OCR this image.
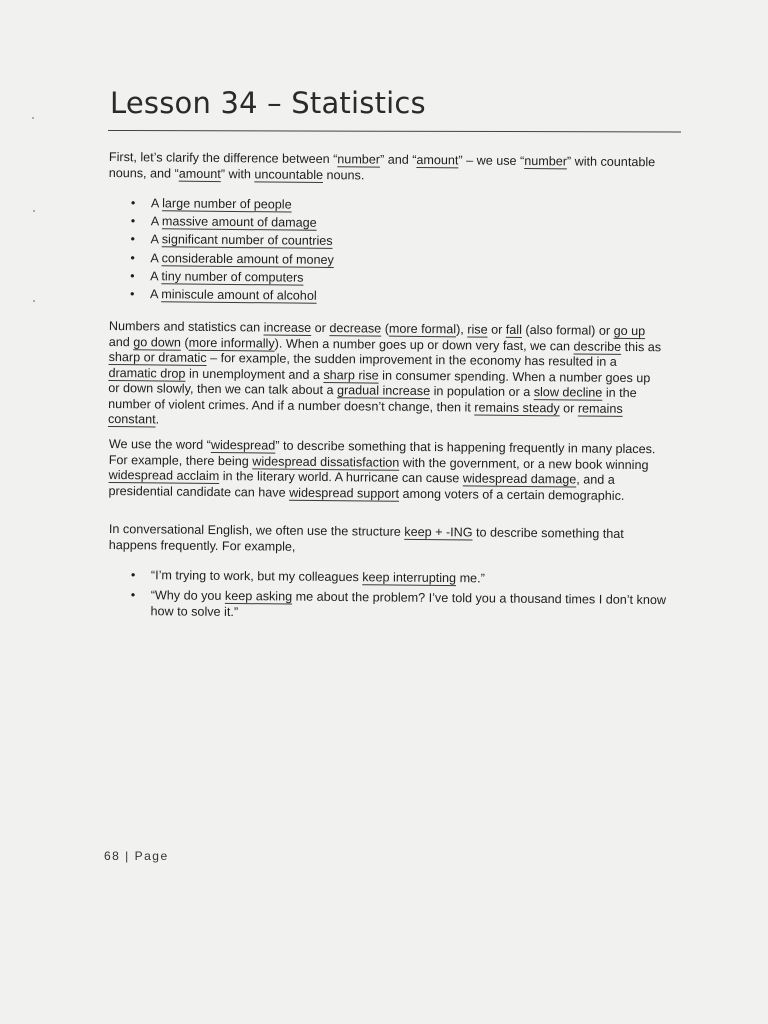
Lesson 34 – Statistics

First, let’s clarify the difference between “number” and “amount” – we use “number” with countable nouns, and “amount” with uncountable nouns.

• A large number of people
• A massive amount of damage
• A significant number of countries
• A considerable amount of money
• A tiny number of computers
• A miniscule amount of alcohol

Numbers and statistics can increase or decrease (more formal), rise or fall (also formal) or go up and go down (more informally). When a number goes up or down very fast, we can describe this as sharp or dramatic – for example, the sudden improvement in the economy has resulted in a dramatic drop in unemployment and a sharp rise in consumer spending. When a number goes up or down slowly, then we can talk about a gradual increase in population or a slow decline in the number of violent crimes. And if a number doesn’t change, then it remains steady or remains constant.

We use the word “widespread” to describe something that is happening frequently in many places. For example, there being widespread dissatisfaction with the government, or a new book winning widespread acclaim in the literary world. A hurricane can cause widespread damage, and a presidential candidate can have widespread support among voters of a certain demographic.

In conversational English, we often use the structure keep + -ING to describe something that happens frequently. For example,

• “I’m trying to work, but my colleagues keep interrupting me.”
• “Why do you keep asking me about the problem? I’ve told you a thousand times I don’t know how to solve it.”
68 | Page
